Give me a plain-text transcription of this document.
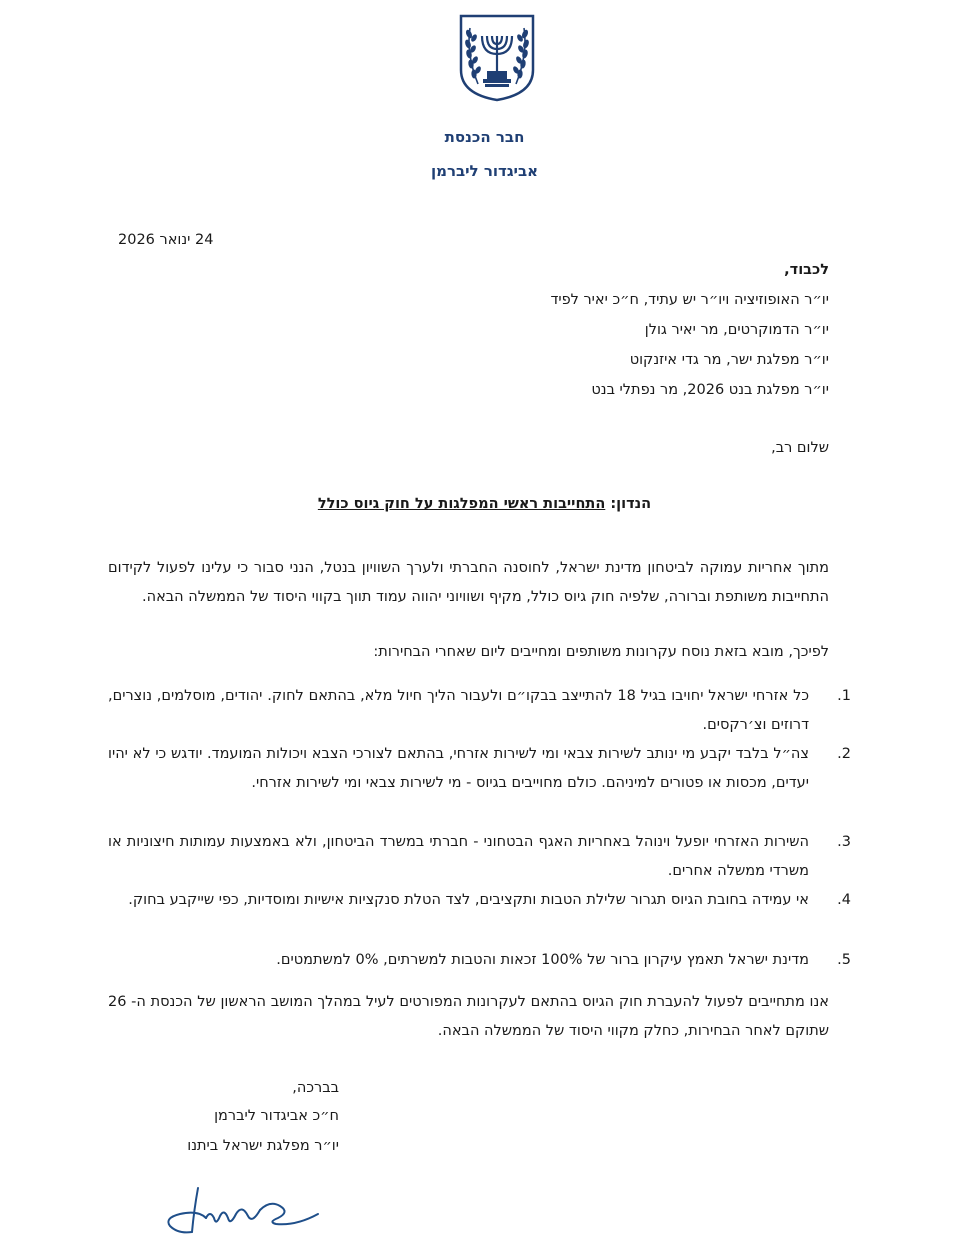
חבר הכנסת
אביגדור ליברמן
24 ינואר 2026
לכבוד,
יו״ר האופוזיציה ויו״ר יש עתיד, ח״כ יאיר לפיד
יו״ר הדמוקרטים, מר יאיר גולן
יו״ר מפלגת ישר, מר גדי איזנקוט
יו״ר מפלגת בנט 2026, מר נפתלי בנט
שלום רב,
הנדון: התחייבות ראשי המפלגות על חוק גיוס כולל
מתוך אחריות עמוקה לביטחון מדינת ישראל, לחוסנה החברתי ולערך השוויון בנטל, הנני סבור כי עלינו לפעול לקידום התחייבות משותפת וברורה, שלפיה חוק גיוס כולל, מקיף ושוויוני יהווה עמוד תווך בקווי היסוד של הממשלה הבאה.
לפיכך, מובא בזאת נוסח עקרונות משותפים ומחייבים ליום שאחרי הבחירות:
1.
כל אזרחי ישראל יחויבו בגיל 18 להתייצב בבקו״ם ולעבור הליך חיול מלא, בהתאם לחוק. יהודים, מוסלמים, נוצרים, דרוזים וצ׳רקסים.
2.
צה״ל בלבד יקבע מי ינותב לשירות צבאי ומי לשירות אזרחי, בהתאם לצורכי הצבא ויכולות המועמד. יודגש כי לא יהיו יעדים, מכסות או פטורים למיניהם. כולם מחוייבים בגיוס - מי לשירות צבאי ומי לשירות אזרחי.
3.
השירות האזרחי יופעל וינוהל באחריות האגף הבטחוני - חברתי במשרד הביטחון, ולא באמצעות עמותות חיצוניות או משרדי ממשלה אחרים.
4.
אי עמידה בחובת הגיוס תגרור שלילת הטבות ותקציבים, לצד הטלת סנקציות אישיות ומוסדיות, כפי שייקבע בחוק.
5.
מדינת ישראל תאמץ עיקרון ברור של 100% זכאות והטבות למשרתים, 0% למשתמטים.
אנו מתחייבים לפעול להעברת חוק הגיוס בהתאם לעקרונות המפורטים לעיל במהלך המושב הראשון של הכנסת ה- 26 שתוקם לאחר הבחירות, כחלק מקווי היסוד של הממשלה הבאה.
בברכה,
ח״כ אביגדור ליברמן
יו״ר מפלגת ישראל ביתנו
